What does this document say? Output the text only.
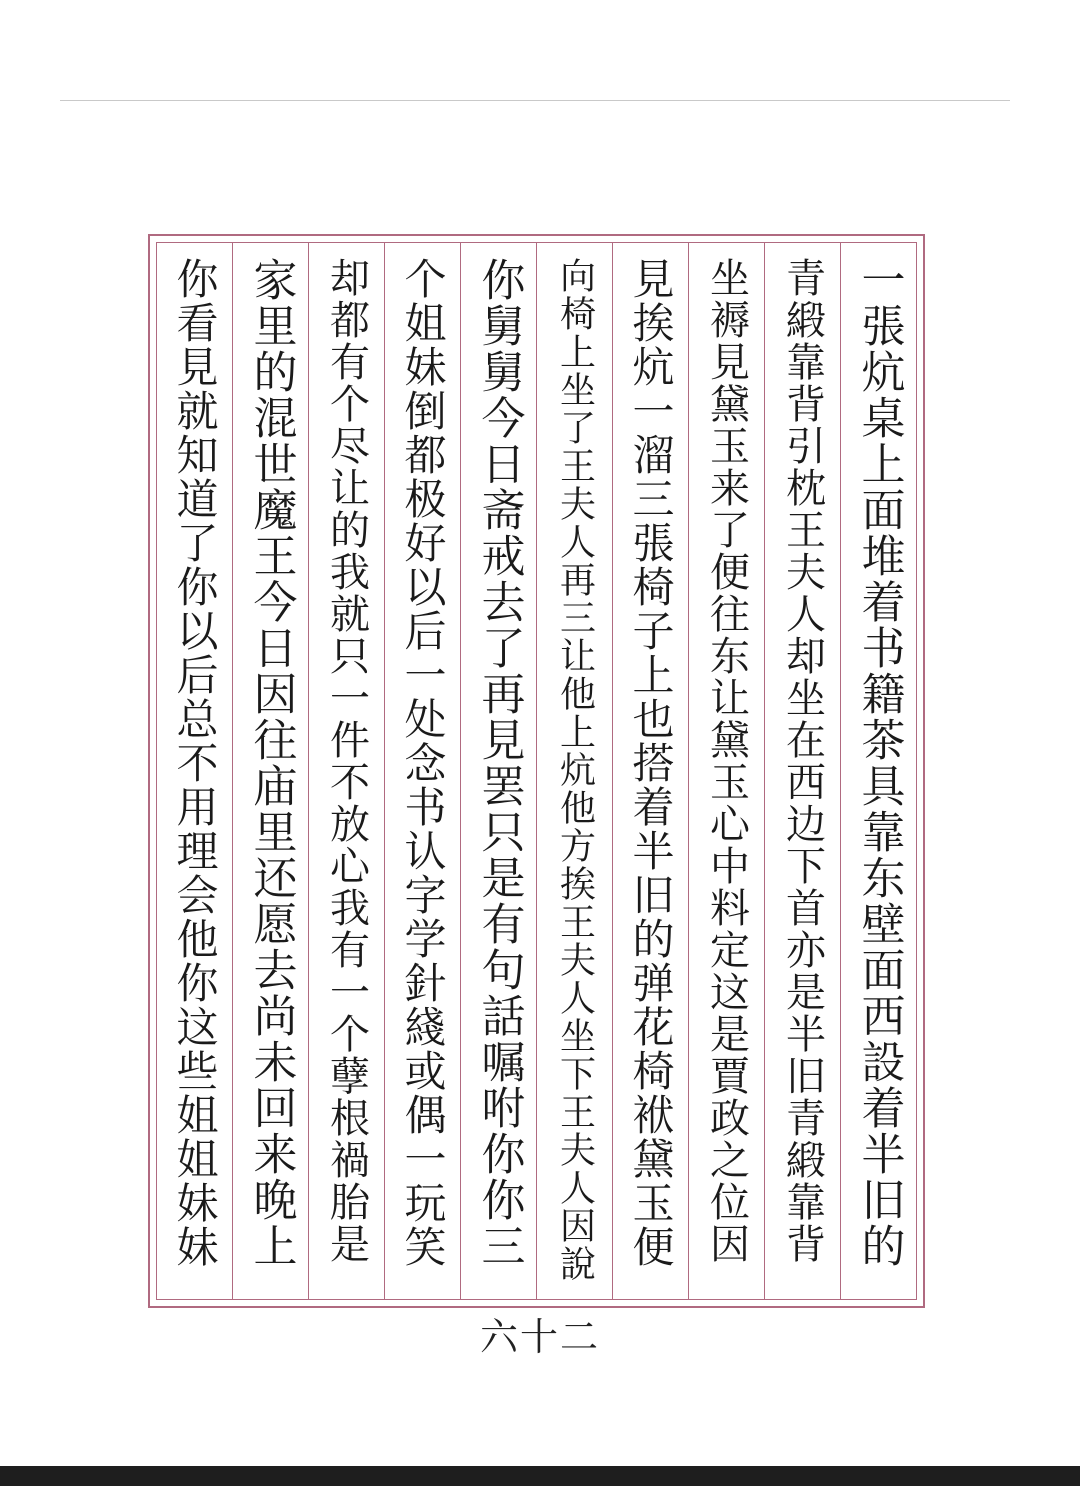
一張炕桌上面堆着书籍茶具靠东壁面西設着半旧的
青緞靠背引枕王夫人却坐在西边下首亦是半旧青緞靠背
坐褥見黛玉来了便往东让黛玉心中料定这是賈政之位因
見挨炕一溜三張椅子上也搭着半旧的弹花椅袱黛玉便
向椅上坐了王夫人再三让他上炕他方挨王夫人坐下王夫人因說
你舅舅今日斋戒去了再見罢只是有句話嘱咐你你三
个姐妹倒都极好以后一处念书认字学針綫或偶一玩笑
却都有个尽让的我就只一件不放心我有一个孽根禍胎是
家里的混世魔王今日因往庙里还愿去尚未回来晚上
你看見就知道了你以后总不用理会他你这些姐姐妹妹
六十二
